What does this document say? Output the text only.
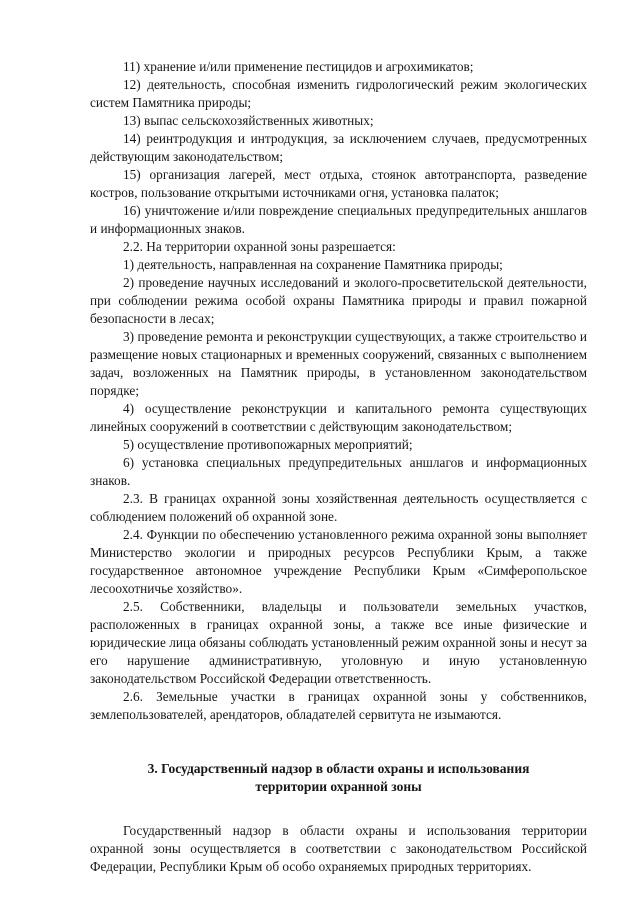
11) хранение и/или применение пестицидов и агрохимикатов;

12) деятельность, способная изменить гидрологический режим экологических систем Памятника природы;

13) выпас сельскохозяйственных животных;

14) реинтродукция и интродукция, за исключением случаев, предусмотренных действующим законодательством;

15) организация лагерей, мест отдыха, стоянок автотранспорта, разведение костров, пользование открытыми источниками огня, установка палаток;

16) уничтожение и/или повреждение специальных предупредительных аншлагов и информационных знаков.

2.2. На территории охранной зоны разрешается:

1) деятельность, направленная на сохранение Памятника природы;

2) проведение научных исследований и эколого-просветительской деятельности, при соблюдении режима особой охраны Памятника природы и правил пожарной безопасности в лесах;

3) проведение ремонта и реконструкции существующих, а также строительство и размещение новых стационарных и временных сооружений, связанных с выполнением задач, возложенных на Памятник природы, в установленном законодательством порядке;

4) осуществление реконструкции и капитального ремонта существующих линейных сооружений в соответствии с действующим законодательством;

5) осуществление противопожарных мероприятий;

6) установка специальных предупредительных аншлагов и информационных знаков.

2.3. В границах охранной зоны хозяйственная деятельность осуществляется с соблюдением положений об охранной зоне.

2.4. Функции по обеспечению установленного режима охранной зоны выполняет Министерство экологии и природных ресурсов Республики Крым, а также государственное автономное учреждение Республики Крым «Симферопольское лесоохотничье хозяйство».

2.5. Собственники, владельцы и пользователи земельных участков, расположенных в границах охранной зоны, а также все иные физические и юридические лица обязаны соблюдать установленный режим охранной зоны и несут за его нарушение административную, уголовную и иную установленную законодательством Российской Федерации ответственность.

2.6. Земельные участки в границах охранной зоны у собственников, землепользователей, арендаторов, обладателей сервитута не изымаются.

3. Государственный надзор в области охраны и использования
территории охранной зоны

Государственный надзор в области охраны и использования территории охранной зоны осуществляется в соответствии с законодательством Российской Федерации, Республики Крым об особо охраняемых природных территориях.
